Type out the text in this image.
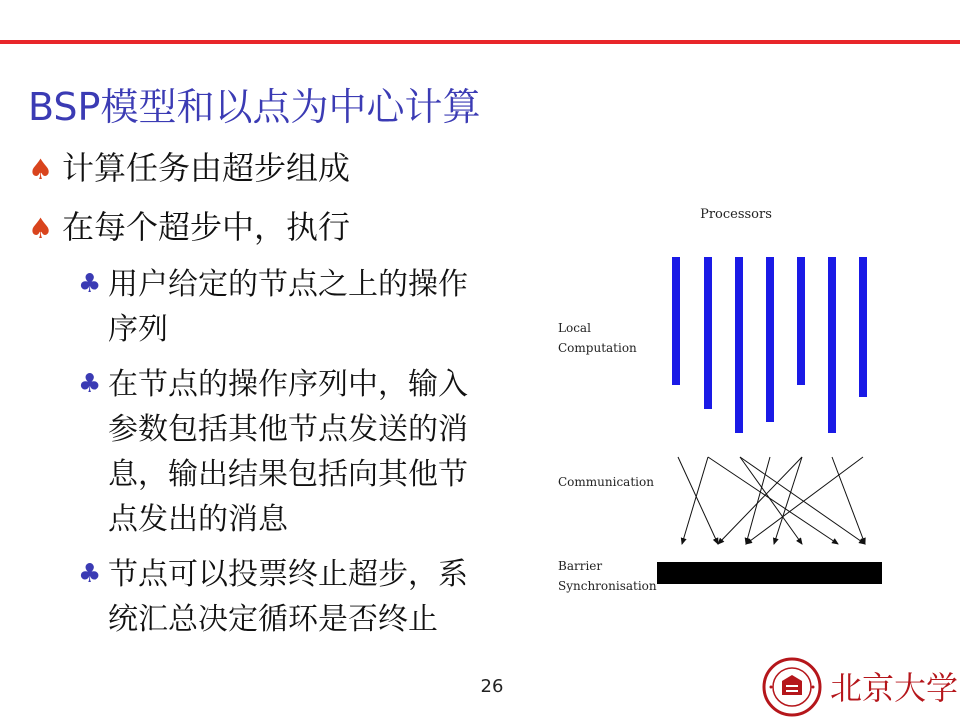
BSP模型和以点为中心计算
♠ 计算任务由超步组成
♠ 在每个超步中，执行
♣ 用户给定的节点之上的操作
序列
♣ 在节点的操作序列中，输入
参数包括其他节点发送的消
息，输出结果包括向其他节
点发出的消息
♣ 节点可以投票终止超步，系
统汇总决定循环是否终止
Processors
Local
Computation
Communication
Barrier
Synchronisation
26	北京大学
